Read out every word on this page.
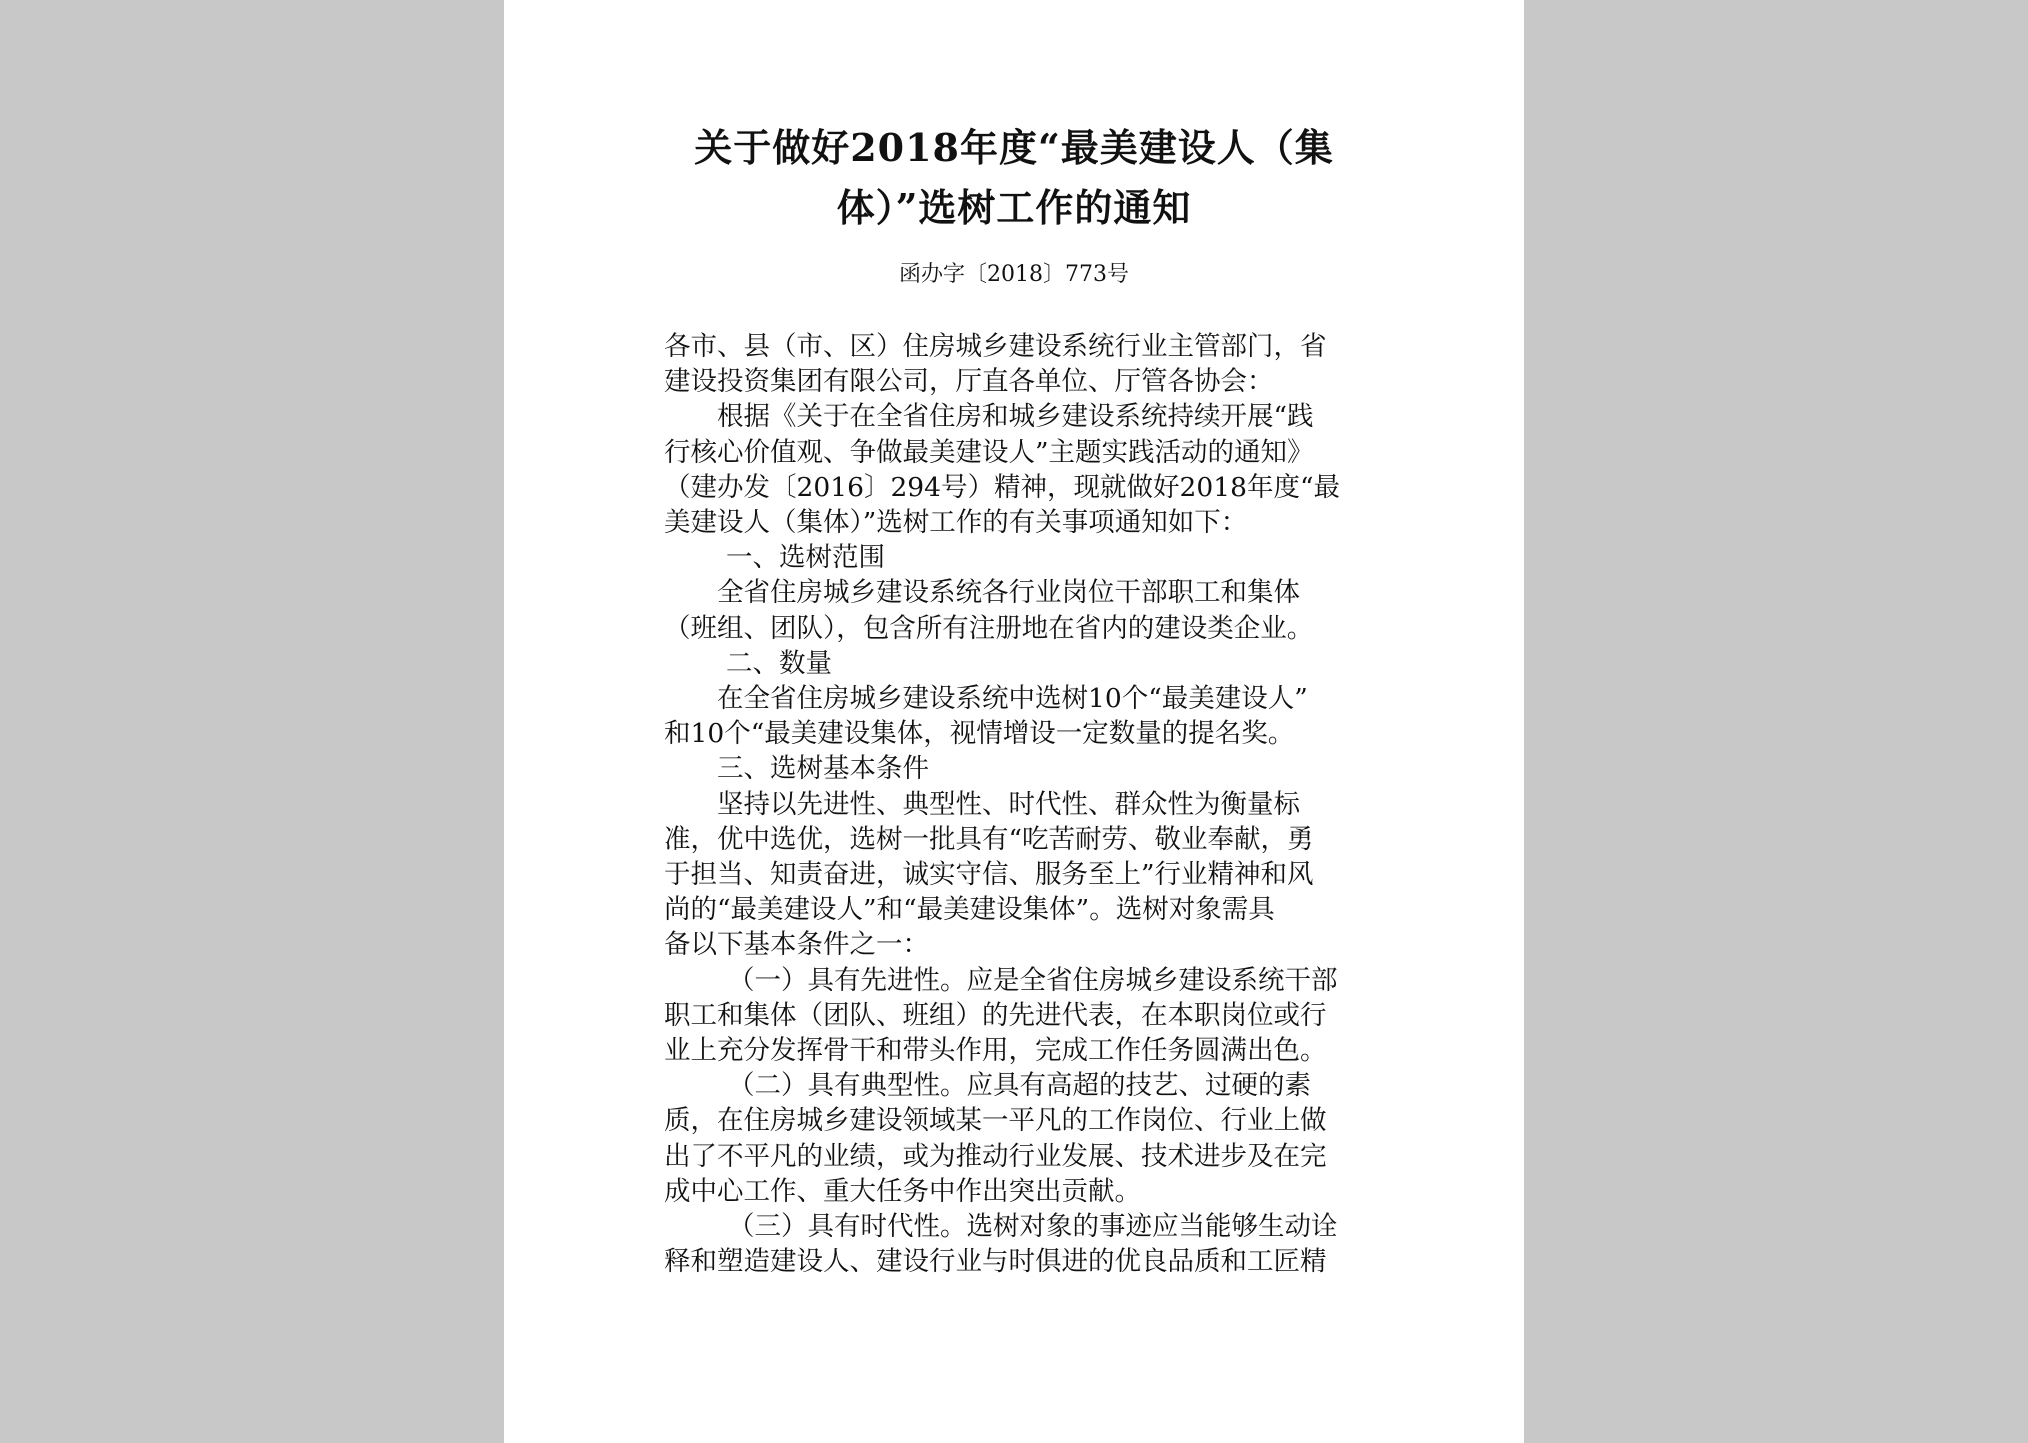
关于做好2018年度“最美建设人（集
体）”选树工作的通知
函办字〔2018〕773号

各市、县（市、区）住房城乡建设系统行业主管部门，省

建设投资集团有限公司，厅直各单位、厅管各协会：

根据《关于在全省住房和城乡建设系统持续开展“践

行核心价值观、争做最美建设人”主题实践活动的通知》

（建办发〔2016〕294号）精神，现就做好2018年度“最

美建设人（集体）”选树工作的有关事项通知如下：

一、选树范围

全省住房城乡建设系统各行业岗位干部职工和集体

（班组、团队），包含所有注册地在省内的建设类企业。

二、数量

在全省住房城乡建设系统中选树10个“最美建设人”

和10个“最美建设集体，视情增设一定数量的提名奖。

三、选树基本条件

坚持以先进性、典型性、时代性、群众性为衡量标

准，优中选优，选树一批具有“吃苦耐劳、敬业奉献，勇

于担当、知责奋进，诚实守信、服务至上”行业精神和风

尚的“最美建设人”和“最美建设集体”。选树对象需具

备以下基本条件之一：

（一）具有先进性。应是全省住房城乡建设系统干部

职工和集体（团队、班组）的先进代表，在本职岗位或行

业上充分发挥骨干和带头作用，完成工作任务圆满出色。

（二）具有典型性。应具有高超的技艺、过硬的素

质，在住房城乡建设领域某一平凡的工作岗位、行业上做

出了不平凡的业绩，或为推动行业发展、技术进步及在完

成中心工作、重大任务中作出突出贡献。

（三）具有时代性。选树对象的事迹应当能够生动诠

释和塑造建设人、建设行业与时俱进的优良品质和工匠精
